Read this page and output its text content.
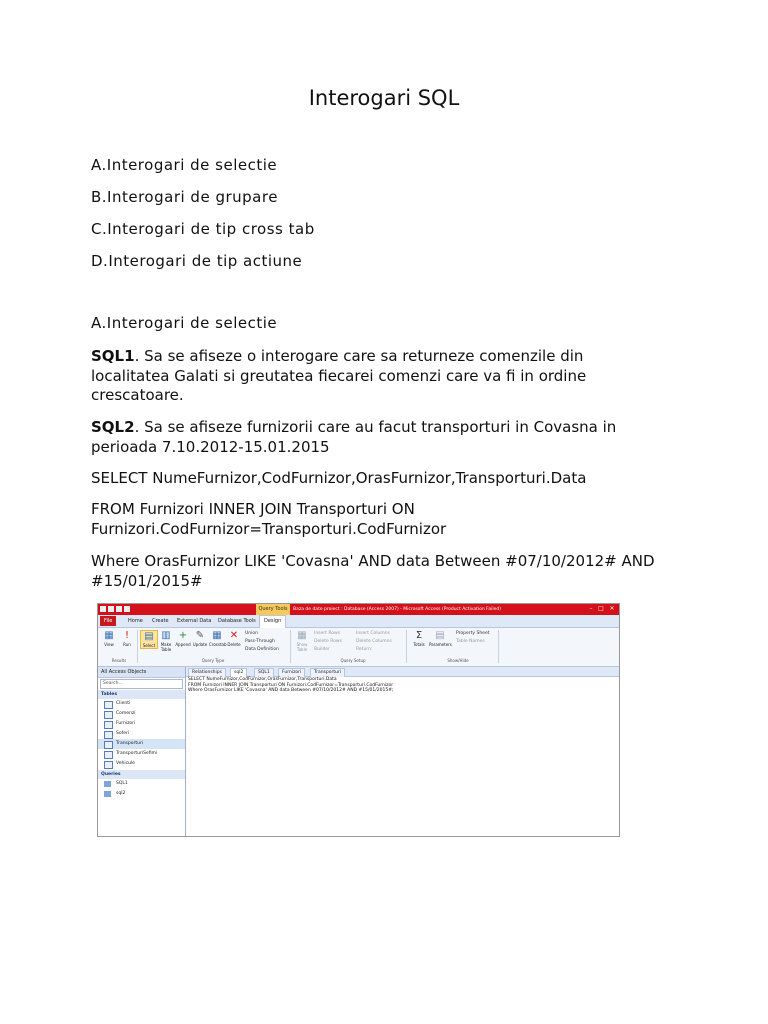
Interogari SQL
A.Interogari de selectie
B.Interogari de grupare
C.Interogari de tip cross tab
D.Interogari de tip actiune
A.Interogari de selectie
SQL1. Sa se afiseze o interogare care sa returneze comenzile din localitatea Galati si greutatea fiecarei comenzi care va fi in ordine crescatoare.
SQL2. Sa se afiseze furnizorii care au facut transporturi in Covasna in perioada 7.10.2012-15.01.2015
SELECT NumeFurnizor,CodFurnizor,OrasFurnizor,Transporturi.Data
FROM Furnizori INNER JOIN Transporturi ON Furnizori.CodFurnizor=Transporturi.CodFurnizor
Where OrasFurnizor LIKE 'Covasna' AND data Between #07/10/2012# AND #15/01/2015#
Query Tools	Baza de date proiect : Database (Access 2007) - Microsoft Access (Product Activation Failed)	– □ ✕
File	Home	Create	External Data	Database Tools	Design
▦
View
!
Run
▤
Select
▥
Make Table
+
Append
✎
Update
▦
Crosstab
✕
Delete
Union
Pass-Through
Data Definition
▦
Show Table
Insert Rows
Delete Rows
Builder
Insert Columns
Delete Columns
Return:
Σ
Totals
▤
Parameters
Property Sheet
Table Names
Results	Query Type	Query Setup	Show/Hide
All Access Objects
Search...
Tables
Clienti
Comenzi
Furnizori
Soferi
Transporturi
TransporturiSefimi
Vehicule
Queries
SQL1
sql2
Relationships	sql2	SQL1	Furnizori	Transporturi
SELECT NumeFurnizor,CodFurnizor,OrasFurnizor,Transporturi.Data
FROM Furnizori INNER JOIN Transporturi ON Furnizori.CodFurnizor=Transporturi.CodFurnizor
Where OrasFurnizor LIKE 'Covasna' AND data Between #07/10/2012# AND #15/01/2015#;
